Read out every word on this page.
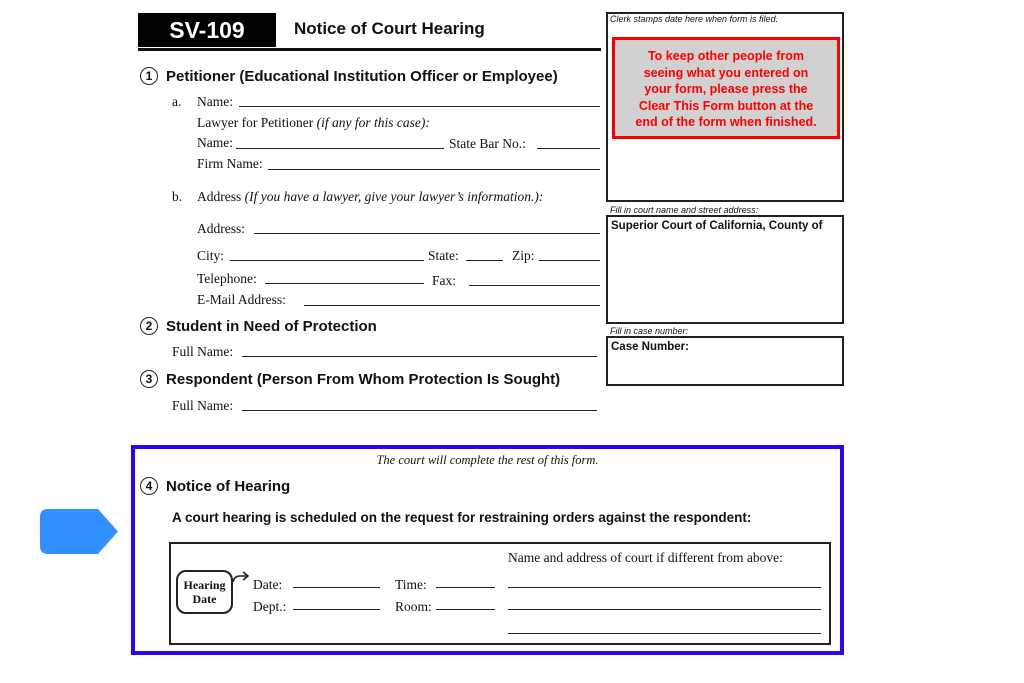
SV-109	Notice of Court Hearing
1 Petitioner (Educational Institution Officer or Employee)
a. Name:
Lawyer for Petitioner (if any for this case):
Name:	State Bar No.:
Firm Name:
b. Address (If you have a lawyer, give your lawyer’s information.):
Address:
City:	State:	Zip:
Telephone:	Fax:
E-Mail Address:
2 Student in Need of Protection
Full Name:
3 Respondent (Person From Whom Protection Is Sought)
Full Name:
Clerk stamps date here when form is filed.
To keep other people from
seeing what you entered on
your form, please press the
Clear This Form button at the
end of the form when finished.
Fill in court name and street address:
Superior Court of California, County of
Fill in case number:
Case Number:
The court will complete the rest of this form.
4 Notice of Hearing
A court hearing is scheduled on the request for restraining orders against the respondent:
Hearing
Date
Date:	Time:
Dept.:	Room:
Name and address of court if different from above:
